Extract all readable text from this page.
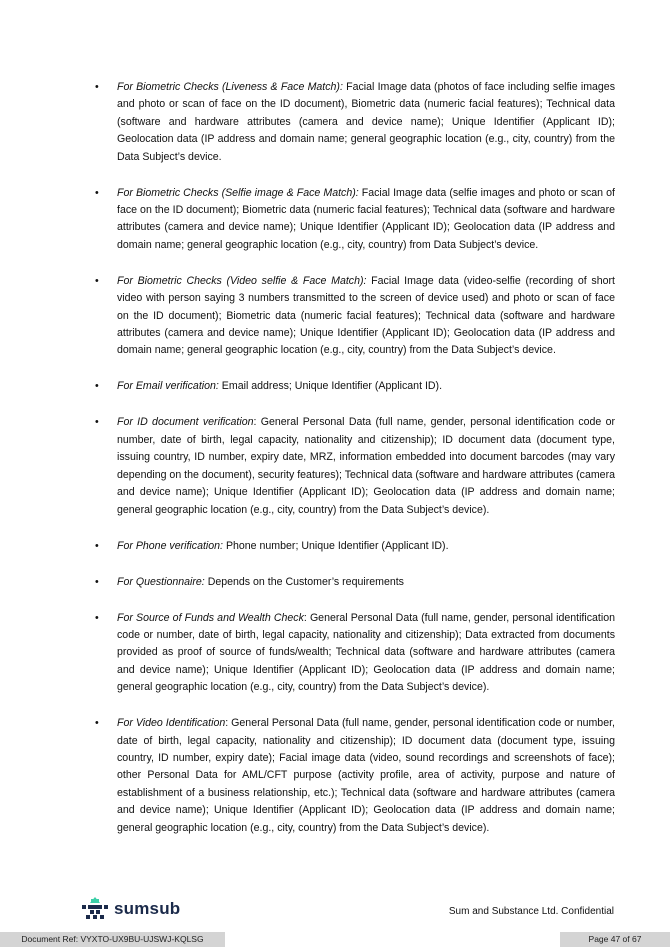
• For Biometric Checks (Liveness & Face Match): Facial Image data (photos of face including selfie images and photo or scan of face on the ID document), Biometric data (numeric facial features); Technical data (software and hardware attributes (camera and device name); Unique Identifier (Applicant ID); Geolocation data (IP address and domain name; general geographic location (e.g., city, country) from the Data Subject’s device.
• For Biometric Checks (Selfie image & Face Match): Facial Image data (selfie images and photo or scan of face on the ID document); Biometric data (numeric facial features); Technical data (software and hardware attributes (camera and device name); Unique Identifier (Applicant ID); Geolocation data (IP address and domain name; general geographic location (e.g., city, country) from Data Subject’s device.
• For Biometric Checks (Video selfie & Face Match): Facial Image data (video-selfie (recording of short video with person saying 3 numbers transmitted to the screen of device used) and photo or scan of face on the ID document); Biometric data (numeric facial features); Technical data (software and hardware attributes (camera and device name); Unique Identifier (Applicant ID); Geolocation data (IP address and domain name; general geographic location (e.g., city, country) from the Data Subject’s device.
• For Email verification: Email address; Unique Identifier (Applicant ID).
• For ID document verification: General Personal Data (full name, gender, personal identification code or number, date of birth, legal capacity, nationality and citizenship); ID document data (document type, issuing country, ID number, expiry date, MRZ, information embedded into document barcodes (may vary depending on the document), security features); Technical data (software and hardware attributes (camera and device name); Unique Identifier (Applicant ID); Geolocation data (IP address and domain name; general geographic location (e.g., city, country) from the Data Subject’s device).
• For Phone verification: Phone number; Unique Identifier (Applicant ID).
• For Questionnaire: Depends on the Customer’s requirements
• For Source of Funds and Wealth Check: General Personal Data (full name, gender, personal identification code or number, date of birth, legal capacity, nationality and citizenship); Data extracted from documents provided as proof of source of funds/wealth; Technical data (software and hardware attributes (camera and device name); Unique Identifier (Applicant ID); Geolocation data (IP address and domain name; general geographic location (e.g., city, country) from the Data Subject’s device).
• For Video Identification: General Personal Data (full name, gender, personal identification code or number, date of birth, legal capacity, nationality and citizenship); ID document data (document type, issuing country, ID number, expiry date); Facial image data (video, sound recordings and screenshots of face); other Personal Data for AML/CFT purpose (activity profile, area of activity, purpose and nature of establishment of a business relationship, etc.); Technical data (software and hardware attributes (camera and device name); Unique Identifier (Applicant ID); Geolocation data (IP address and domain name; general geographic location (e.g., city, country) from the Data Subject’s device).
sumsub	Sum and Substance Ltd. Confidential
Document Ref: VYXTO-UX9BU-UJSWJ-KQLSG	Page 47 of 67
